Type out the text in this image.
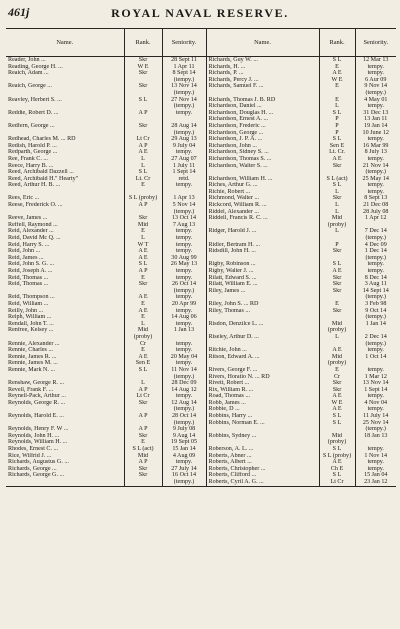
461j	ROYAL NAVAL RESERVE.
Name.	Rank.	Seniority.	Name.	Rank.	Seniority.
Reader, John ...	Skr	28 Sept 11	Richards, Guy W. ...	S L	12 Mar 13
Reading, George H. ...	W E	1 Apr 11	Richards, H. ...	E	tempy.
Reaich, Adam ...	Skr	8 Sept 14	Richards, P. ...	A E	tempy.
		(tempy.)	Richards, Percy J. ...	W E	6 Aur 09
Reaich, George ...	Skr	13 Nov 14	Richards, Samuel F. ...	E	9 Nov 14
		(tempy.)			(tempy.)
Reavley, Herbert S. ...	S L	27 Nov 14	Richards, Thomas J. B. RD	E	4 May 01
		(tempy.)	Richardson, Daniel ...	L	tempy.
Reddie, Robert D. ...	A P	tempy.	Richardson, Douglas H. ...	S L	31 Dec 13
			Richardson, Ernest A. ...	P	13 Jan 11
Redfern, George ...	Skr	28 Aug 14	Richardson, Frederic ...	P	19 Jan 14
		(tempy.)	Richardson, George ...	P	10 June 12
Redhead, Charles M. ... RD	Lt Cr	29 Aug 13	Richardson, J. P. A. ...	S L	tempy.
Redish, Harold P. ...	A P	9 July 04	Richardson, John ...	Sen E	16 Mar 99
Redparth, George ...	A E	tempy.	Richardson, Sidney S. ...	Lt. Cr.	8 July 13
Ree, Frank C. ...	L	27 Aug 07	Richardson, Thomas S. ...	A E	tempy.
Reece, Harry B. ...	L	1 July 11	Richardson, Walter S. ...	Skr	21 Nov 14
Reed, Archibald Dazzell ...	S L	1 Sept 14			(tempy.)
Reed, Archibald H." Hearty"	Lt. Cr	retd.	Richardson, William H. ...	S L (act)	25 May 14
Reed, Arthur H. B. ...	E	tempy.	Riches, Arthur G. ...	S L	tempy.
			Richie, Robert ...	L	tempy.
Rees, Eric ...	S L (proby)	1 Apr 13	Richmond, Walter ...	Skr	8 Sept 13
Reese, Frederick O. ...	A P	5 Nov 14	Rickcord, William R. ...	L	21 Dec 08
		(tempy.)	Riddel, Alexander ...	L	28 July 08
Reeve, James ...	Skr	13 Oct 14	Riddell, Francis R. C. ...	Mid	1 Apr 12
Reffell, Raymond ...	Mid	7 Aug 13		(proby)	
Reid, Alexander ...	E	tempy.	Ridger, Harold J. ...	L	7 Dec 14
Reid, David Mc Q. ...	L	tempy.			(tempy.)
Reid, Harry S. ...	W T	tempy.	Ridler, Bertram H. ...	P	4 Dec 09
Reid, John ...	A E	tempy.	Ridsdill, John H. ...	Skr	1 Dec 14
Reid, James ...	A E	30 Aug 99			(tempy.)
Reid, John S. G. ...	S L	26 May 13	Rigby, Robinson ...	S L	tempy.
Reid, Joseph A. ...	A P	tempy.	Rigby, Walter J. ...	A E	tempy.
Reid, Thomas ...	E	tempy.	Rilatt, Edward S. ...	Skr	8 Dec 14
Reid, Thomas ...	Skr	26 Oct 14	Rilatt, William E. ...	Skr	3 Aug 11
		(tempy.)	Riley, James ...	Skr	14 Sept 14
Reid, Thompson ...	A E	tempy.			(tempy.)
Reid, William ...	E	20 Apr 99	Riley, John S. ... RD	E	3 Feb 98
Reilly, John ...	A E	tempy.	Riley, Thomas ...	Skr	9 Oct 14
Relph, William ...	E	14 Aug 06			(tempy.)
Rendall, John T. ...	L	tempy.	Risdon, Denzilce L. ...	Mid	1 Jan 14
Renfree, Kelsey ...	Mid	1 Jan 13		(proby)	
	(proby)		Riseley, Arthur D. ...	L	2 Dec 14
Rennie, Alexander ...	Cr	tempy.			(tempy.)
Rennie, Charles ...	E	tempy.	Ritchie, John ...	A E	tempy.
Rennie, James R. ...	A E	20 May 04	Ritson, Edward A. ...	Mid	1 Oct 14
Rennie, James M. ...	Sen E	tempy.		(proby)	
Rennie, Mark N. ...	S L	11 Nov 14	Rivers, George F. ...	E	tempy.
		(tempy.)	Rivers, Horatio N. ... RD	Cr	1 Mar 12
Renshaw, George R. ...	L	28 Dec 09	Rivett, Robert ...	Skr	13 Nov 14
Revell, Frank F. ...	A P	14 Aug 12	Rix, William R. ...	Skr	1 Sept 14
Reynell-Pack, Arthur ...	Lt Cr	tempy.	Road, Thomas ...	A E	tempy.
Reynolds, George R. ...	Skr	12 Aug 14	Robb, James ...	W E	4 Nov 04
		(tempy.)	Robbie, D ...	A E	tempy.
Reynolds, Harold E. ...	A P	28 Oct 14	Robbins, Harry ...	S L	11 July 14
		(tempy.)	Robbins, Norman E. ...	S L	25 Nov 14
Reynolds, Henry F. W ...	A P	9 July 08			(tempy.)
Reynolds, John H. ...	Skr	9 Aug 14	Robbins, Sydney ...	Mid	18 Jan 13
Reynolds, William H. ...	E	19 Sept 05		(proby)	
Rhodes, Ernest C. ...	S L (act)	15 Jan 14	Roberson, A. L. ...	S L	tempy.
Rice, Wilfrid J. ...	Mid	4 Aug 09	Roberts, Abner ...	S L (proby)	1 Nov 14
Richards, Augustus G. ...	A P	tempy.	Roberts, Albert ...	A E	tempy.
Richards, George ...	Skr	27 July 14	Roberts, Christopher ...	Ch E	tempy.
Richards, George G. ...	Skr	16 Oct 14	Roberts, Clifford ...	S L	15 Jan 04
		(tempy.)	Roberts, Cyril A. G. ...	Lt Cr	23 Jan 12
